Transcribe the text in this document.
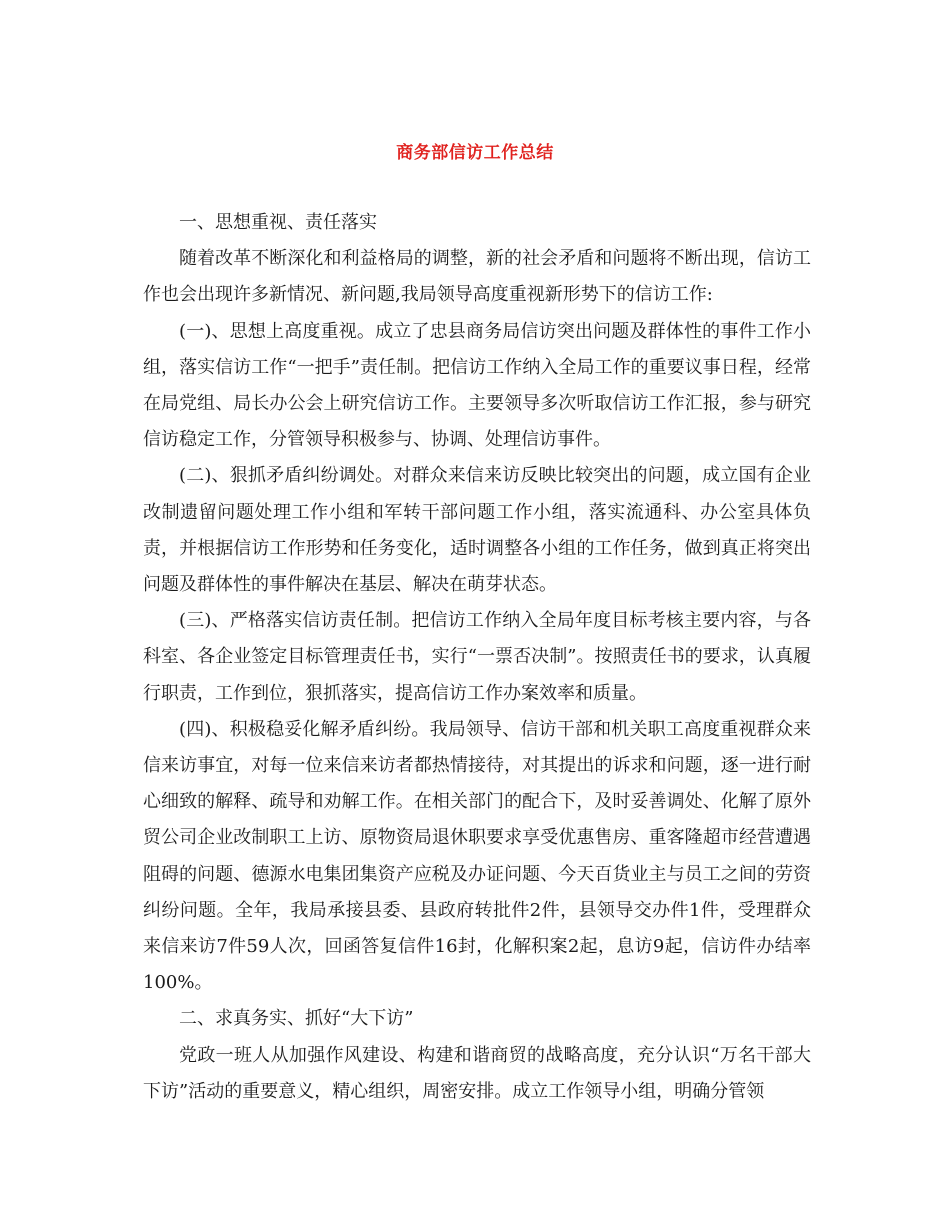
商务部信访工作总结

一、思想重视、责任落实

随着改革不断深化和利益格局的调整，新的社会矛盾和问题将不断出现，信访工作也会出现许多新情况、新问题,我局领导高度重视新形势下的信访工作:

(一)、思想上高度重视。成立了忠县商务局信访突出问题及群体性的事件工作小组，落实信访工作“一把手”责任制。把信访工作纳入全局工作的重要议事日程，经常在局党组、局长办公会上研究信访工作。主要领导多次听取信访工作汇报，参与研究信访稳定工作，分管领导积极参与、协调、处理信访事件。

(二)、狠抓矛盾纠纷调处。对群众来信来访反映比较突出的问题，成立国有企业改制遗留问题处理工作小组和军转干部问题工作小组，落实流通科、办公室具体负责，并根据信访工作形势和任务变化，适时调整各小组的工作任务，做到真正将突出问题及群体性的事件解决在基层、解决在萌芽状态。

(三)、严格落实信访责任制。把信访工作纳入全局年度目标考核主要内容，与各科室、各企业签定目标管理责任书，实行“一票否决制”。按照责任书的要求，认真履行职责，工作到位，狠抓落实，提高信访工作办案效率和质量。

(四)、积极稳妥化解矛盾纠纷。我局领导、信访干部和机关职工高度重视群众来信来访事宜，对每一位来信来访者都热情接待，对其提出的诉求和问题，逐一进行耐心细致的解释、疏导和劝解工作。在相关部门的配合下，及时妥善调处、化解了原外贸公司企业改制职工上访、原物资局退休职要求享受优惠售房、重客隆超市经营遭遇阻碍的问题、德源水电集团集资产应税及办证问题、今天百货业主与员工之间的劳资纠纷问题。全年，我局承接县委、县政府转批件2件，县领导交办件1件，受理群众来信来访7件59人次，回函答复信件16封，化解积案2起，息访9起，信访件办结率100%。

二、求真务实、抓好“大下访”

党政一班人从加强作风建设、构建和谐商贸的战略高度，充分认识“万名干部大下访”活动的重要意义，精心组织，周密安排。成立工作领导小组，明确分管领
